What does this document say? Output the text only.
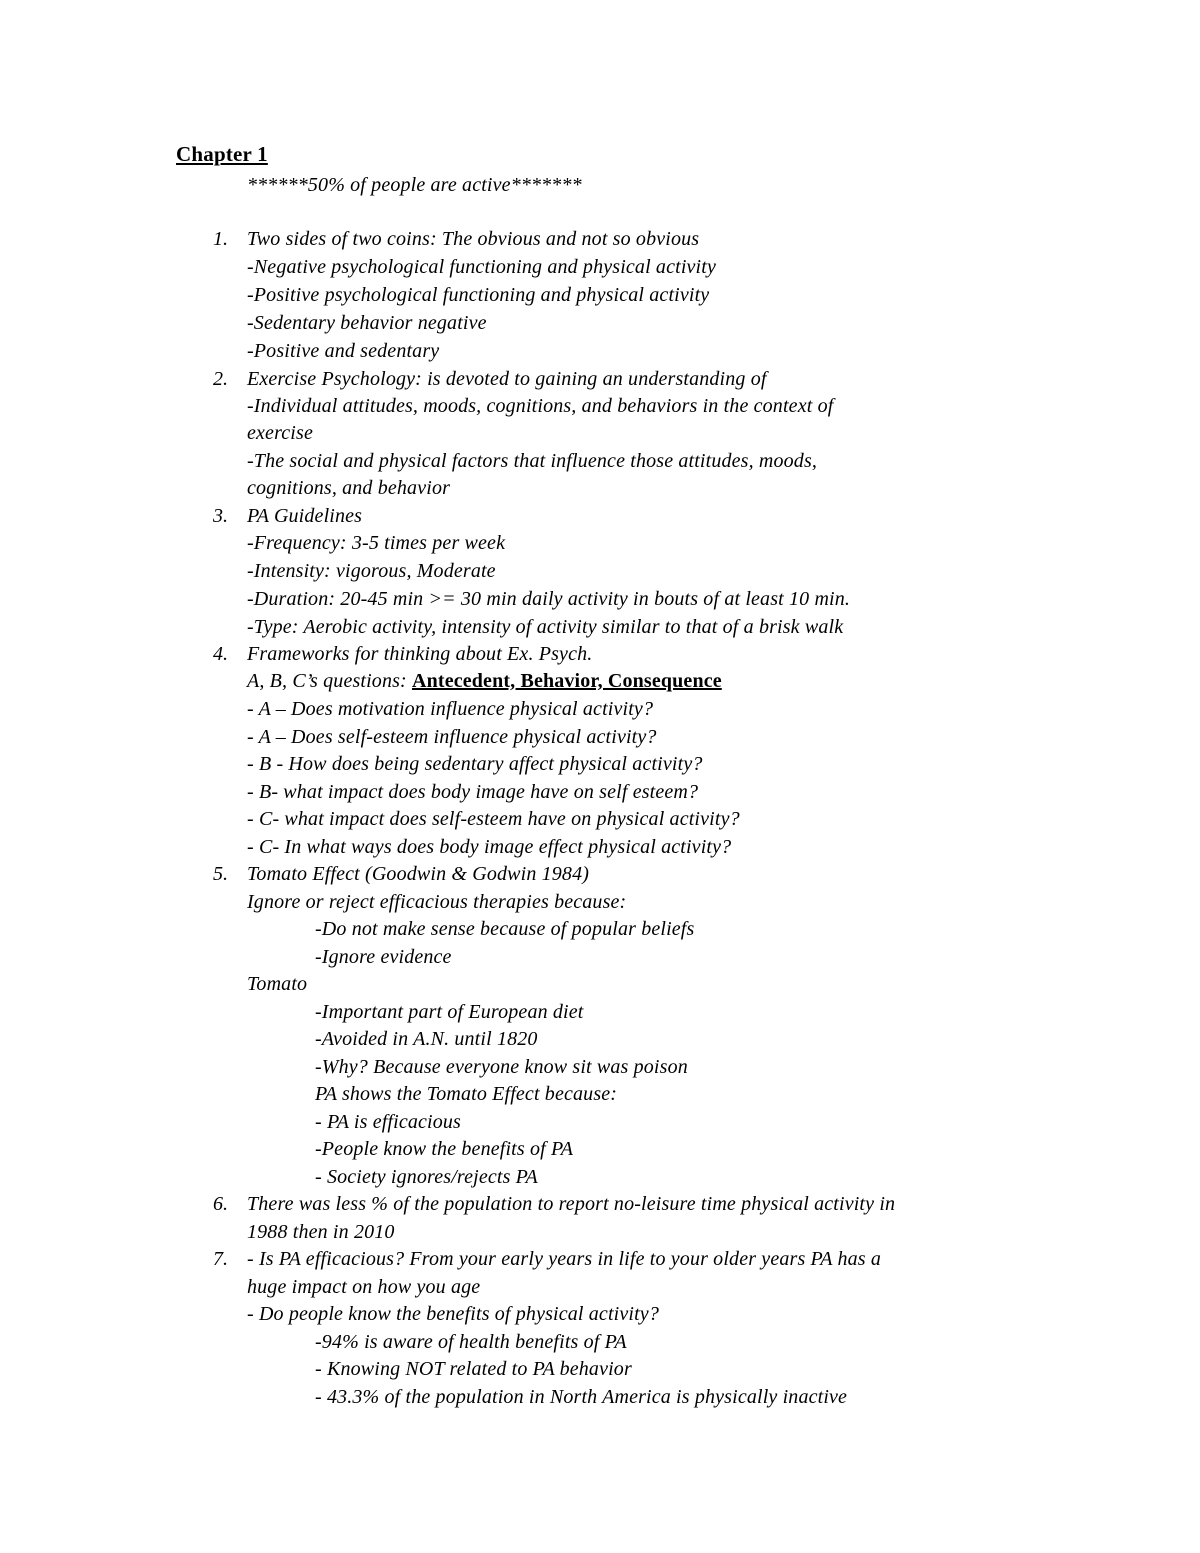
Chapter 1
******50% of people are active*******
1. Two sides of two coins: The obvious and not so obvious
-Negative psychological functioning and physical activity
-Positive psychological functioning and physical activity
-Sedentary behavior negative
-Positive and sedentary
2. Exercise Psychology: is devoted to gaining an understanding of
-Individual attitudes, moods, cognitions, and behaviors in the context of
exercise
-The social and physical factors that influence those attitudes, moods,
cognitions, and behavior
3. PA Guidelines
-Frequency: 3-5 times per week
-Intensity: vigorous, Moderate
-Duration: 20-45 min >= 30 min daily activity in bouts of at least 10 min.
-Type: Aerobic activity, intensity of activity similar to that of a brisk walk
4. Frameworks for thinking about Ex. Psych.
A, B, C’s questions: Antecedent, Behavior, Consequence
- A – Does motivation influence physical activity?
- A – Does self-esteem influence physical activity?
- B - How does being sedentary affect physical activity?
- B- what impact does body image have on self esteem?
- C- what impact does self-esteem have on physical activity?
- C- In what ways does body image effect physical activity?
5. Tomato Effect (Goodwin & Godwin 1984)
Ignore or reject efficacious therapies because:
-Do not make sense because of popular beliefs
-Ignore evidence
Tomato
-Important part of European diet
-Avoided in A.N. until 1820
-Why? Because everyone know sit was poison
PA shows the Tomato Effect because:
- PA is efficacious
-People know the benefits of PA
- Society ignores/rejects PA
6. There was less % of the population to report no-leisure time physical activity in
1988 then in 2010
7. - Is PA efficacious? From your early years in life to your older years PA has a
huge impact on how you age
- Do people know the benefits of physical activity?
-94% is aware of health benefits of PA
- Knowing NOT related to PA behavior
- 43.3% of the population in North America is physically inactive
